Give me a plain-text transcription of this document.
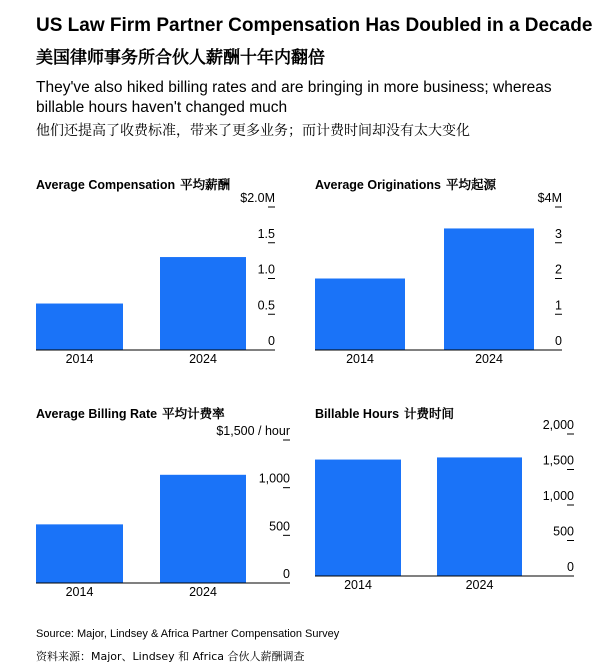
US Law Firm Partner Compensation Has Doubled in a Decade
美国律师事务所合伙人薪酬十年内翻倍
They've also hiked billing rates and are bringing in more business; whereas billable hours haven't changed much
他们还提高了收费标准，带来了更多业务；而计费时间却没有太大变化
Average Compensation 平均薪酬	Average Originations 平均起源
Average Billing Rate 平均计费率	Billable Hours 计费时间
2014	2024
0
0.5
1.0
1.5
$2.0M
2014	2024
0
1
2
3
$4M
2014	2024
0
500
1,000
$1,500 / hour
2014	2024
0
500
1,000
1,500
2,000
Source: Major, Lindsey & Africa Partner Compensation Survey
资料来源：Major、Lindsey 和 Africa 合伙人薪酬调查
